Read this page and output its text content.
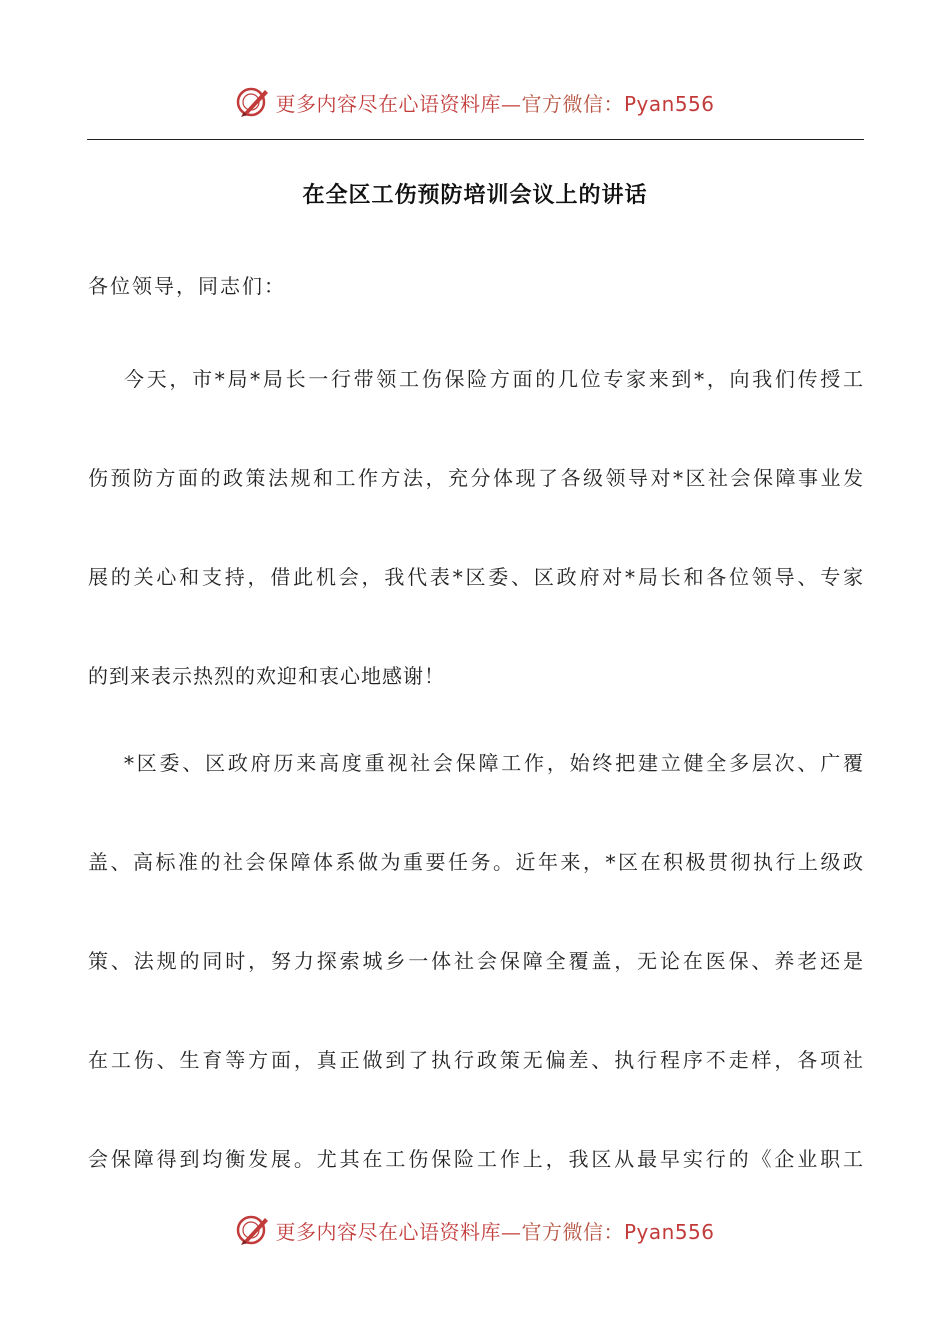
更多内容尽在心语资料库—官方微信：Pyan556
在全区工伤预防培训会议上的讲话
各位领导，同志们：
今天，市*局*局长一行带领工伤保险方面的几位专家来到*，向我们传授工
伤预防方面的政策法规和工作方法，充分体现了各级领导对*区社会保障事业发
展的关心和支持，借此机会，我代表*区委、区政府对*局长和各位领导、专家
的到来表示热烈的欢迎和衷心地感谢！
*区委、区政府历来高度重视社会保障工作，始终把建立健全多层次、广覆
盖、高标准的社会保障体系做为重要任务。近年来，*区在积极贯彻执行上级政
策、法规的同时，努力探索城乡一体社会保障全覆盖，无论在医保、养老还是
在工伤、生育等方面，真正做到了执行政策无偏差、执行程序不走样，各项社
会保障得到均衡发展。尤其在工伤保险工作上，我区从最早实行的《企业职工
更多内容尽在心语资料库—官方微信：Pyan556
